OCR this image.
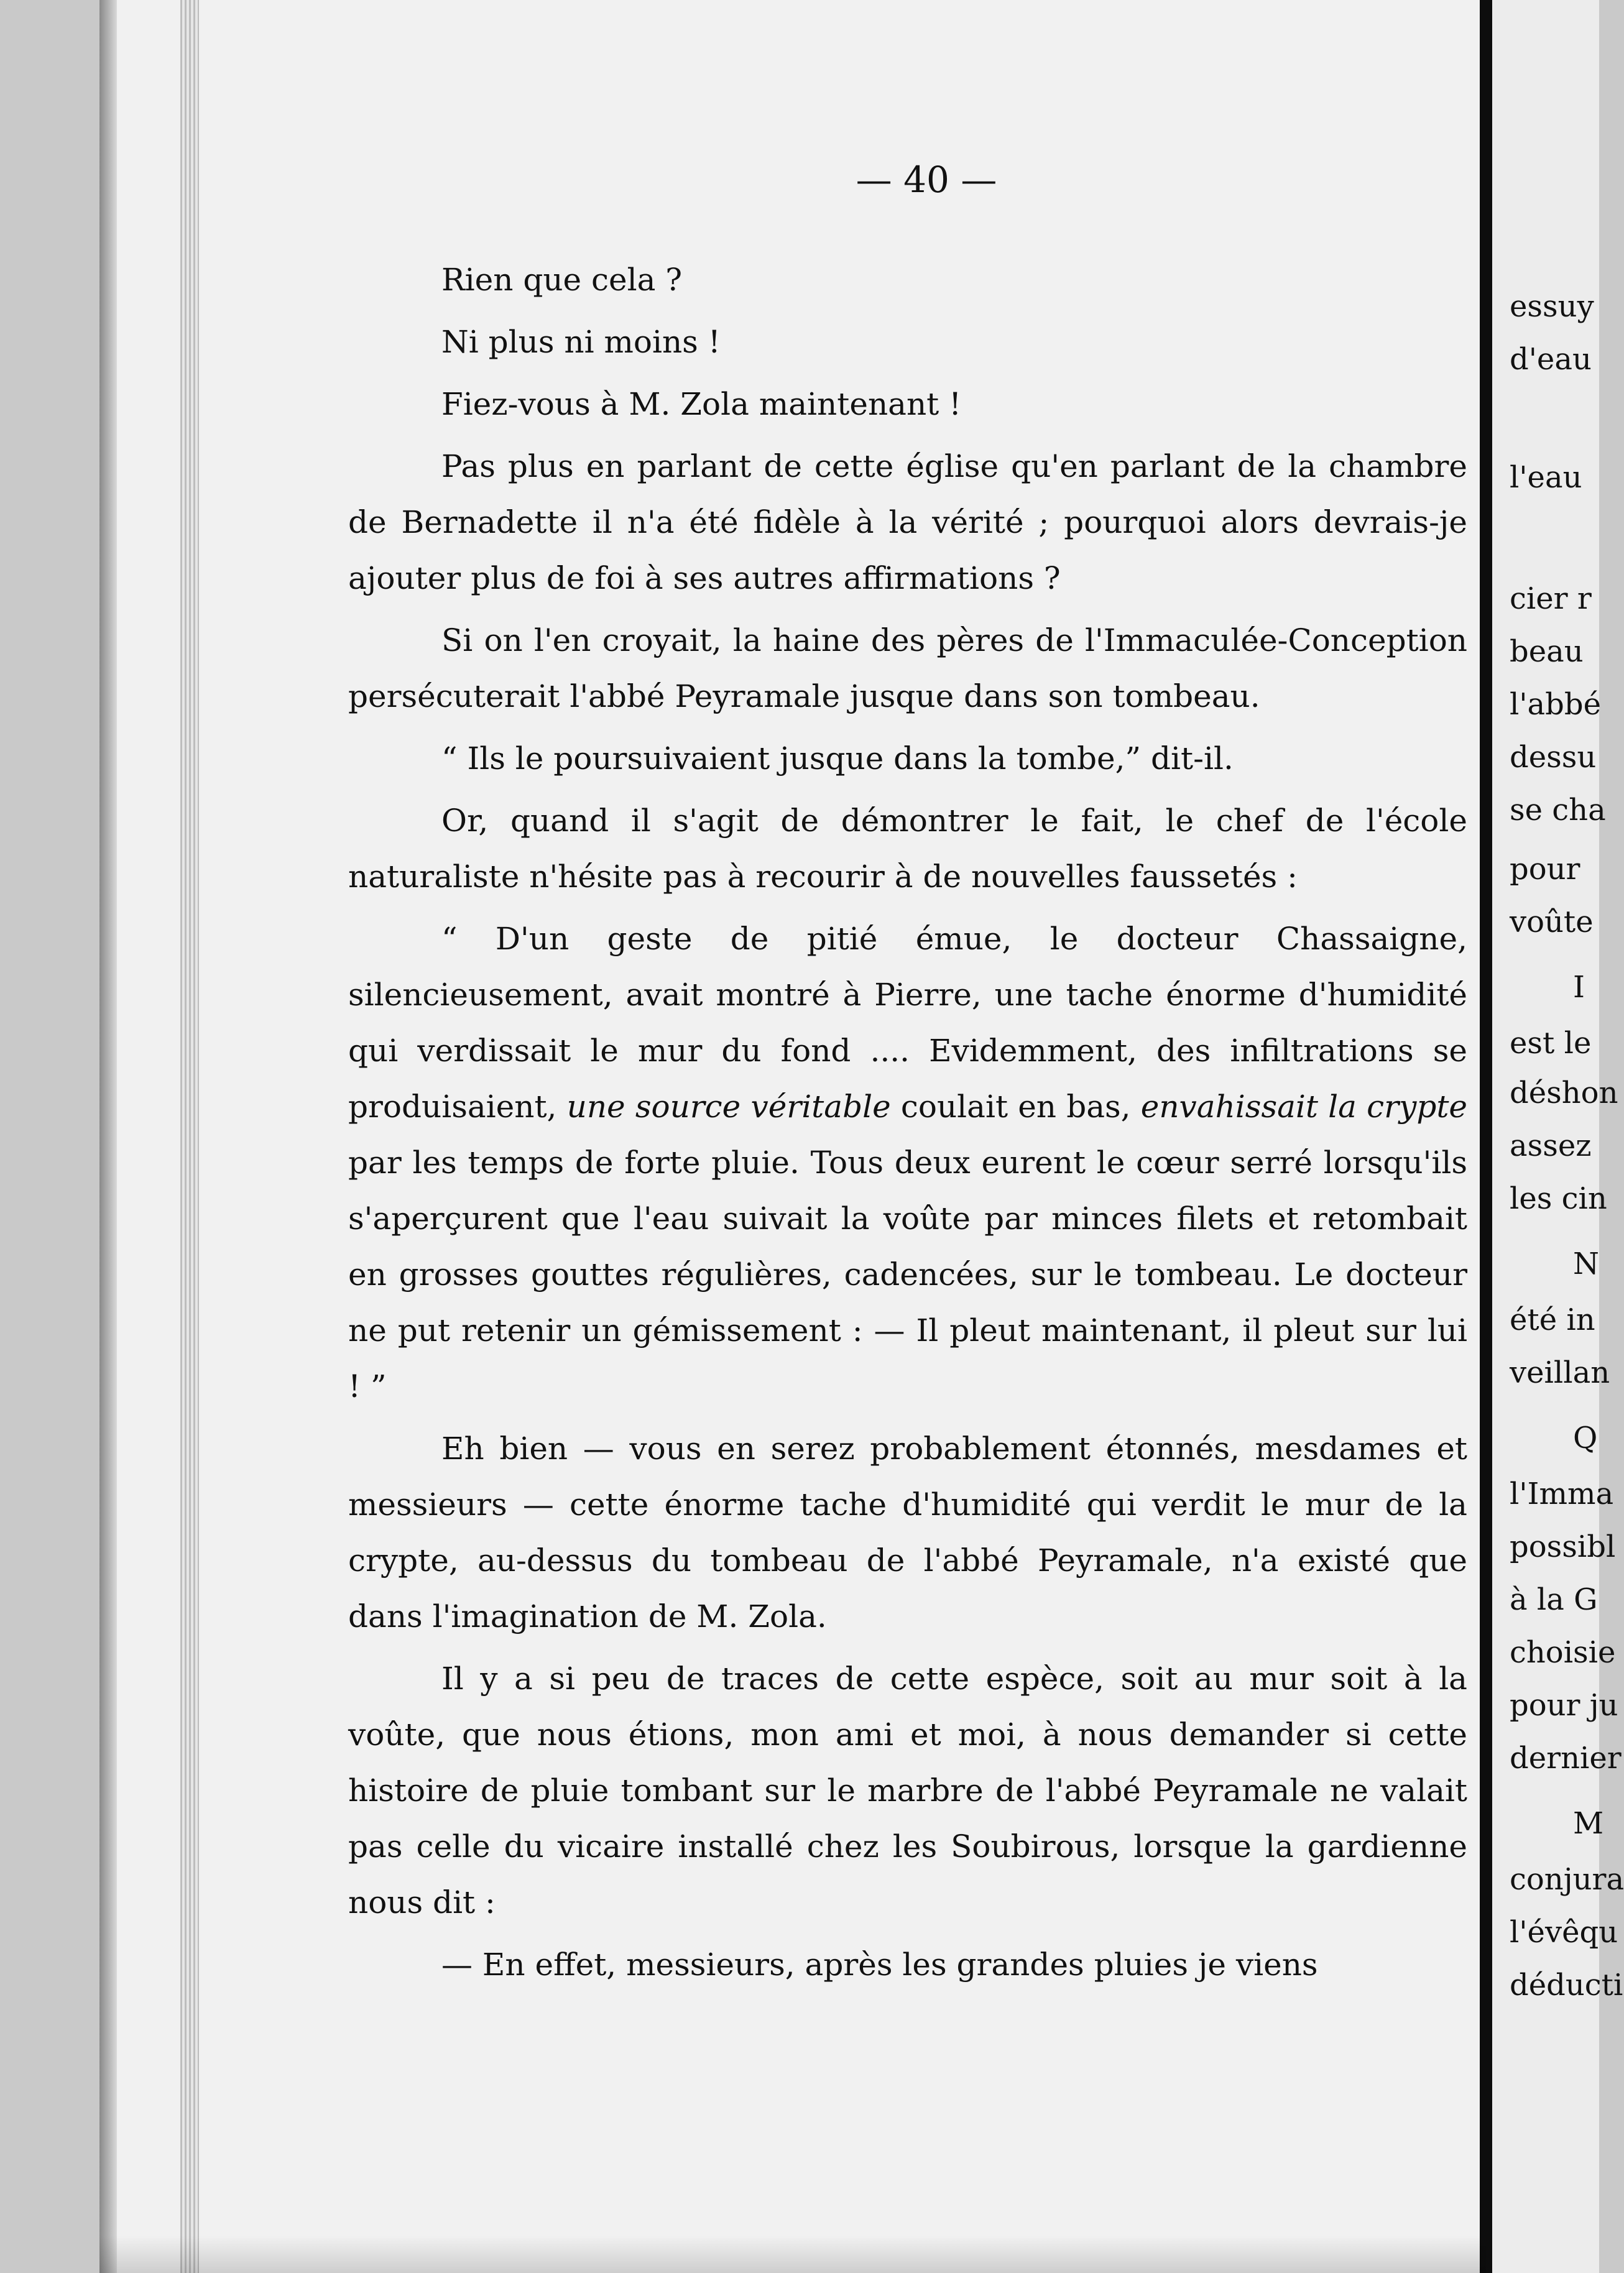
— 40 —

Rien que cela ?

Ni plus ni moins !

Fiez-vous à M. Zola maintenant !

Pas plus en parlant de cette église qu'en parlant de la chambre de Bernadette il n'a été fidèle à la vérité ; pourquoi alors devrais-je ajouter plus de foi à ses autres affirmations ?

Si on l'en croyait, la haine des pères de l'Immaculée-Conception persécuterait l'abbé Peyramale jusque dans son tombeau.

“ Ils le poursuivaient jusque dans la tombe,” dit-il.

Or, quand il s'agit de démontrer le fait, le chef de l'école naturaliste n'hésite pas à recourir à de nouvelles faussetés :

“ D'un geste de pitié émue, le docteur Chassaigne, silencieusement, avait montré à Pierre, une tache énorme d'humidité qui verdissait le mur du fond .... Evidemment, des infiltrations se produisaient, une source véritable coulait en bas, envahissait la crypte par les temps de forte pluie. Tous deux eurent le cœur serré lorsqu'ils s'aperçurent que l'eau suivait la voûte par minces filets et retombait en grosses gouttes régulières, cadencées, sur le tombeau. Le docteur ne put retenir un gémissement : — Il pleut maintenant, il pleut sur lui ! ”

Eh bien — vous en serez probablement étonnés, mesdames et messieurs — cette énorme tache d'humidité qui verdit le mur de la crypte, au-dessus du tombeau de l'abbé Peyramale, n'a existé que dans l'imagination de M. Zola.

Il y a si peu de traces de cette espèce, soit au mur soit à la voûte, que nous étions, mon ami et moi, à nous demander si cette histoire de pluie tombant sur le marbre de l'abbé Peyramale ne valait pas celle du vicaire installé chez les Soubirous, lorsque la gardienne nous dit :

— En effet, messieurs, après les grandes pluies je viens

essuy
d'eau
l'eau
cier r
beau
l'abbé
dessu
se cha
pour
voûte
I
est le
déshon
assez
les cin
N
été in
veillan
Q
l'Imma
possibl
à la G
choisie
pour ju
dernier
M
conjura
l'évêqu
déducti
